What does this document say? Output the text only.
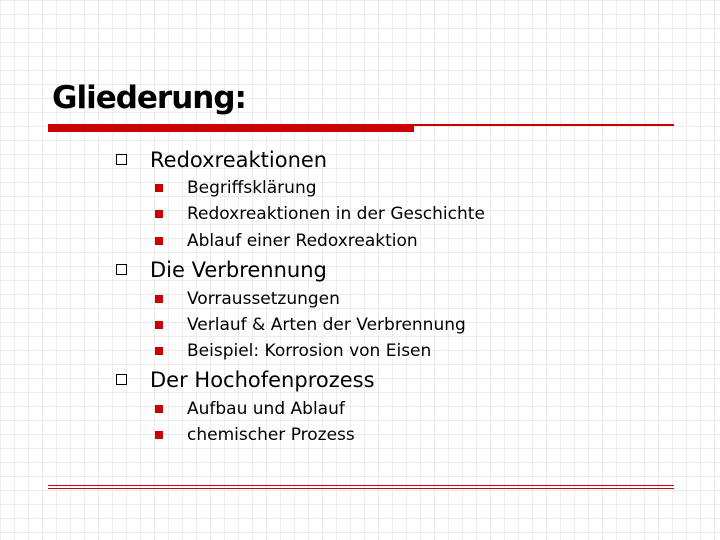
Gliederung:
Redoxreaktionen
Begriffsklärung
Redoxreaktionen in der Geschichte
Ablauf einer Redoxreaktion
Die Verbrennung
Vorraussetzungen
Verlauf & Arten der Verbrennung
Beispiel: Korrosion von Eisen
Der Hochofenprozess
Aufbau und Ablauf
chemischer Prozess
